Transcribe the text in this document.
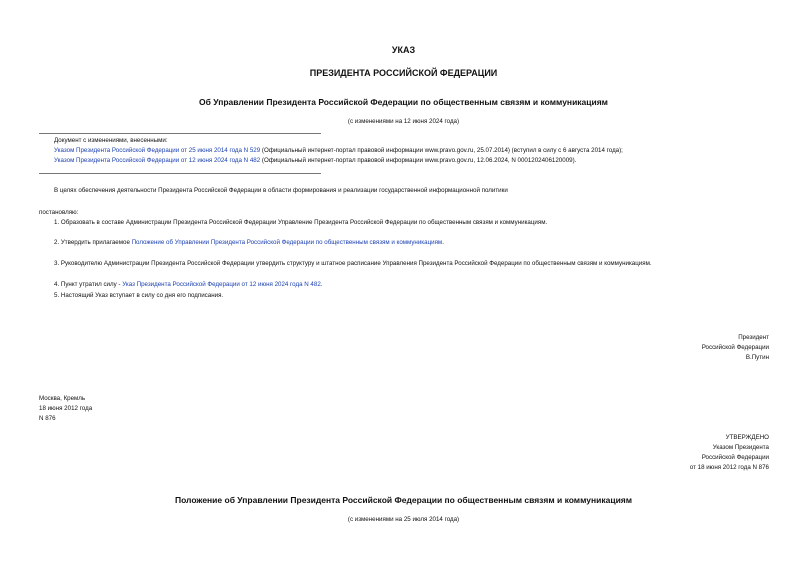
УКАЗ
ПРЕЗИДЕНТА РОССИЙСКОЙ ФЕДЕРАЦИИ
Об Управлении Президента Российской Федерации по общественным связям и коммуникациям
(с изменениями на 12 июня 2024 года)
Документ с изменениями, внесенными:
Указом Президента Российской Федерации от 25 июня 2014 года N 529 (Официальный интернет-портал правовой информации www.pravo.gov.ru, 25.07.2014) (вступил в силу с 6 августа 2014 года);
Указом Президента Российской Федерации от 12 июня 2024 года N 482 (Официальный интернет-портал правовой информации www.pravo.gov.ru, 12.06.2024, N 0001202406120009).
В целях обеспечения деятельности Президента Российской Федерации в области формирования и реализации государственной информационной политики
постановляю:
1. Образовать в составе Администрации Президента Российской Федерации Управление Президента Российской Федерации по общественным связям и коммуникациям.
2. Утвердить прилагаемое Положение об Управлении Президента Российской Федерации по общественным связям и коммуникациям.
3. Руководителю Администрации Президента Российской Федерации утвердить структуру и штатное расписание Управления Президента Российской Федерации по общественным связям и коммуникациям.
4. Пункт утратил силу - Указ Президента Российской Федерации от 12 июня 2024 года N 482.
5. Настоящий Указ вступает в силу со дня его подписания.
Президент
Российской Федерации
В.Путин
Москва, Кремль
18 июня 2012 года
N 876
УТВЕРЖДЕНО
Указом Президента
Российской Федерации
от 18 июня 2012 года N 876
Положение об Управлении Президента Российской Федерации по общественным связям и коммуникациям
(с изменениями на 25 июля 2014 года)
